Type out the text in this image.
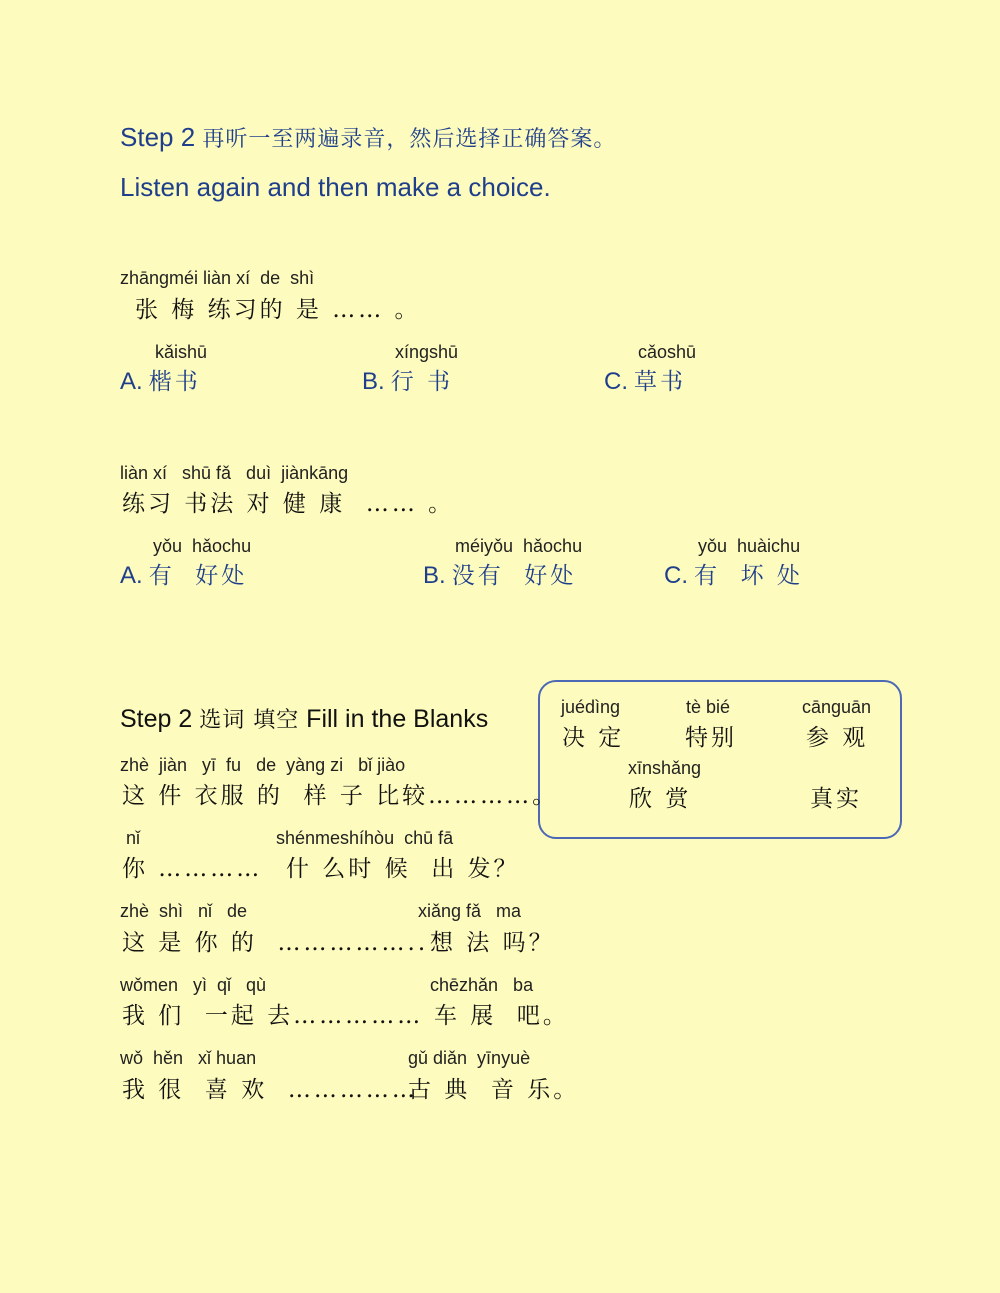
Step 2 再听一至两遍录音，然后选择正确答案。
Listen again and then make a choice.
zhāngméi liàn xí  de  shì
张 梅 练习的 是 …… 。
kǎishū
A. 楷书
xíngshū
B. 行 书
cǎoshū
C. 草书
liàn xí   shū fǎ   duì  jiànkāng
练习 书法 对 健 康  …… 。
yǒu  hǎochu
A. 有  好处
méiyǒu  hǎochu
B. 没有  好处
yǒu  huàichu
C. 有  坏 处
Step 2 选词 填空 Fill in the Blanks	juédìng
决 定
tè bié
特别
cānguān
参 观
xīnshǎng
欣 赏	真实
zhè  jiàn   yī  fu   de  yàng zi   bǐ jiào
这 件 衣服 的  样 子 比较…………。
nǐ
你 …………
shénmeshíhòu  chū fā
什 么时 候  出 发？
zhè  shì   nǐ   de
这 是 你 的  ……………..
xiǎng fǎ   ma
想 法 吗？
wǒmen   yì  qǐ   qù
我 们  一起 去……………
chēzhǎn   ba
车 展  吧。
wǒ  hěn   xǐ huan
我 很  喜 欢  ……………
gǔ diǎn  yīnyuè
古 典  音 乐。
